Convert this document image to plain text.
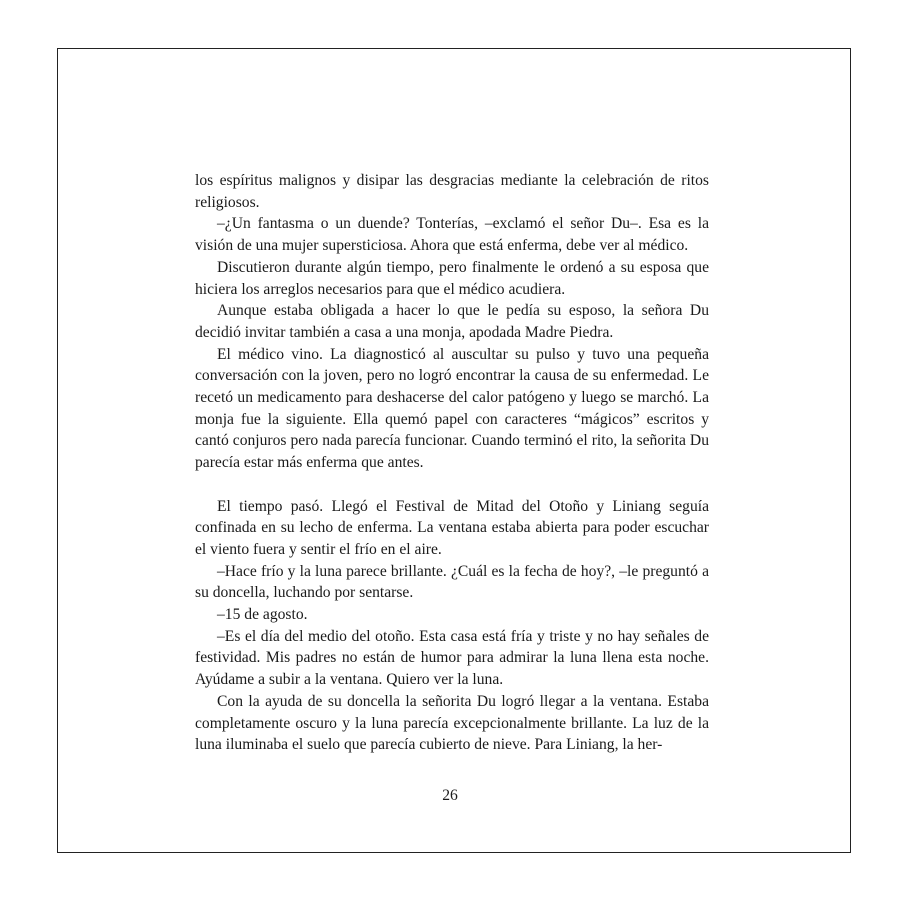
los espíritus malignos y disipar las desgracias mediante la celebración de ritos religiosos.

–¿Un fantasma o un duende? Tonterías, –exclamó el señor Du–. Esa es la visión de una mujer supersticiosa. Ahora que está enferma, debe ver al médico.

Discutieron durante algún tiempo, pero finalmente le ordenó a su esposa que hiciera los arreglos necesarios para que el médico acudiera.

Aunque estaba obligada a hacer lo que le pedía su esposo, la señora Du decidió invitar también a casa a una monja, apodada Madre Piedra.

El médico vino. La diagnosticó al auscultar su pulso y tuvo una pequeña conversación con la joven, pero no logró encontrar la causa de su enfermedad. Le recetó un medicamento para deshacerse del calor patógeno y luego se marchó. La monja fue la siguiente. Ella quemó papel con caracteres “mágicos” escritos y cantó conjuros pero nada parecía funcionar. Cuando terminó el rito, la señorita Du parecía estar más enferma que antes.

El tiempo pasó. Llegó el Festival de Mitad del Otoño y Liniang seguía confinada en su lecho de enferma. La ventana estaba abierta para poder escuchar el viento fuera y sentir el frío en el aire.

–Hace frío y la luna parece brillante. ¿Cuál es la fecha de hoy?, –le preguntó a su doncella, luchando por sentarse.

–15 de agosto.

–Es el día del medio del otoño. Esta casa está fría y triste y no hay señales de festividad. Mis padres no están de humor para admirar la luna llena esta noche. Ayúdame a subir a la ventana. Quiero ver la luna.

Con la ayuda de su doncella la señorita Du logró llegar a la ventana. Estaba completamente oscuro y la luna parecía excepcionalmente brillante. La luz de la luna iluminaba el suelo que parecía cubierto de nieve. Para Liniang, la her-

26
